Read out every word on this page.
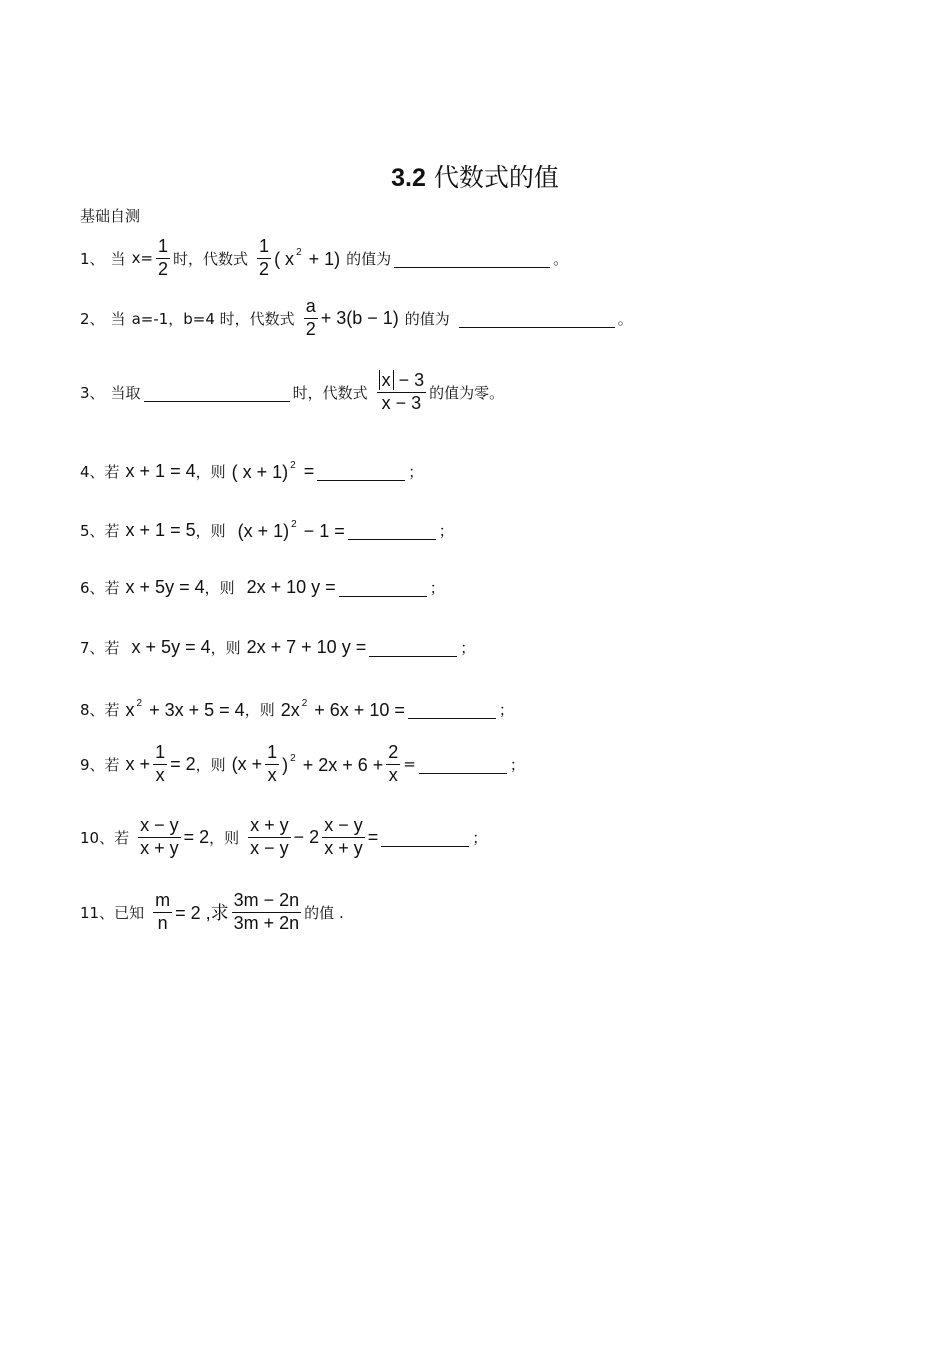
3.2 代数式的值
基础自测
1、 当 $x= \frac{1}{2}$ 时，代数式 $\frac{1}{2}$ ( x $^2$ + 1) 的值为	。
2、 当 a=-1，b=4 时，代数式 $\frac{a}{2} + 3(b - 1)$ 的值为	。
3、 当取	时，代数式 $\frac{x - 3}{x - 3}$ 的值为零。
4、若 x + 1 = 4 ，则 ( x + 1) $^2$ =	；
5、若 x + 1 = 5 ，则 (x + 1) $^2$ − 1 =	；
6、若 x + 5y = 4 ，则 2x + 10 y =	；
7、若 x + 5y = 4 ，则 2x + 7 + 10 y =	；
8、若 x $^2$ + 3x + 5 = 4 ，则 2x $^2$ + 6x + 10 =	；
9、若 $x + \frac{1}{x} = 2$ ，则 ($x + \frac{1}{x}$ ) $^2 + 2x + 6 + \frac{2}{x}$ =	；
10、若 $\frac{x - y}{x + y} = 2$ ，则 $\frac{x + y}{x - y} - 2 \frac{x - y}{x + y}$ =	；
11、已知 $\frac{m}{n} = 2$ ,求 $\frac{3m - 2n}{3m + 2n}$ 的值 .
